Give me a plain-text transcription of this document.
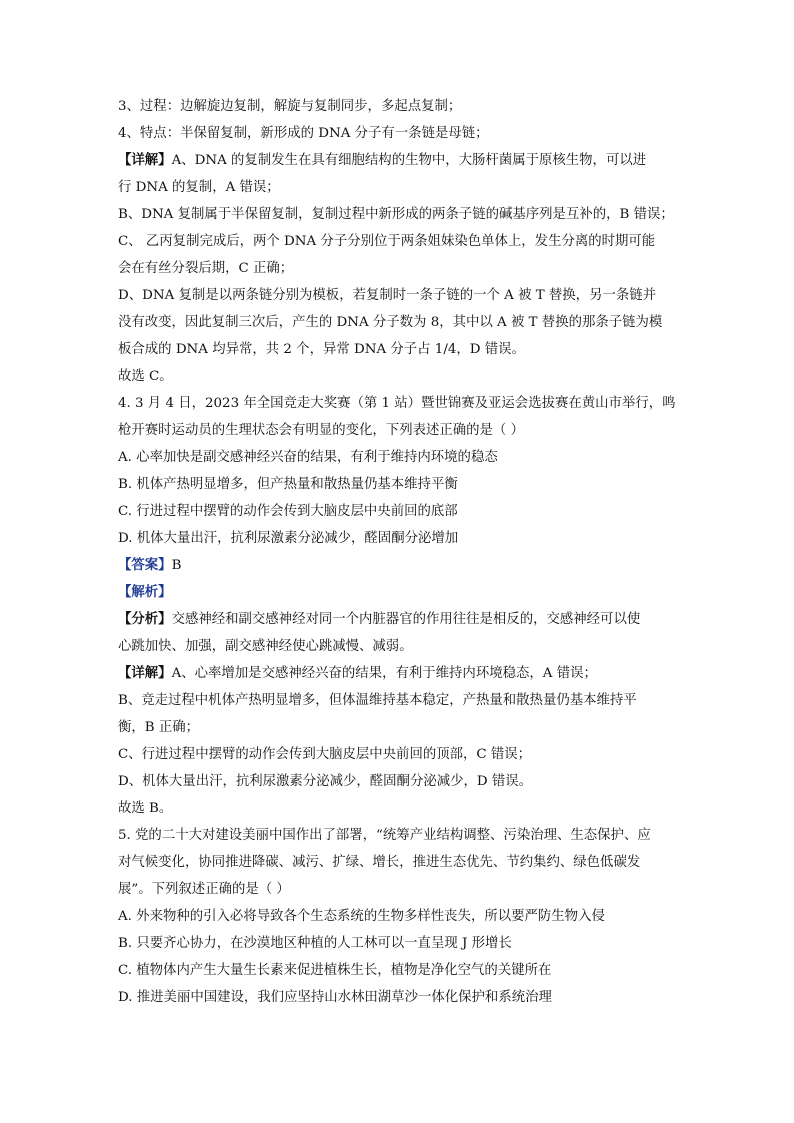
3、过程：边解旋边复制，解旋与复制同步，多起点复制；
4、特点：半保留复制，新形成的 DNA 分子有一条链是母链；
【详解】A、DNA 的复制发生在具有细胞结构的生物中，大肠杆菌属于原核生物，可以进
行 DNA 的复制，A 错误；
B、DNA 复制属于半保留复制，复制过程中新形成的两条子链的碱基序列是互补的，B 错误；
C、 乙丙复制完成后，两个 DNA 分子分别位于两条姐妹染色单体上，发生分离的时期可能
会在有丝分裂后期，C 正确；
D、DNA 复制是以两条链分别为模板，若复制时一条子链的一个 A 被 T 替换，另一条链并
没有改变，因此复制三次后，产生的 DNA 分子数为 8，其中以 A 被 T 替换的那条子链为模
板合成的 DNA 均异常，共 2 个，异常 DNA 分子占 1/4，D 错误。
故选 C。
4. 3 月 4 日，2023 年全国竞走大奖赛（第 1 站）暨世锦赛及亚运会选拔赛在黄山市举行，鸣
枪开赛时运动员的生理状态会有明显的变化，下列表述正确的是（ ）
A. 心率加快是副交感神经兴奋的结果，有利于维持内环境的稳态
B. 机体产热明显增多，但产热量和散热量仍基本维持平衡
C. 行进过程中摆臂的动作会传到大脑皮层中央前回的底部
D. 机体大量出汗，抗利尿激素分泌减少，醛固酮分泌增加
【答案】B
【解析】
【分析】交感神经和副交感神经对同一个内脏器官的作用往往是相反的，交感神经可以使
心跳加快、加强，副交感神经使心跳减慢、减弱。
【详解】A、心率增加是交感神经兴奋的结果，有利于维持内环境稳态，A 错误；
B、竞走过程中机体产热明显增多，但体温维持基本稳定，产热量和散热量仍基本维持平
衡，B 正确；
C、行进过程中摆臂的动作会传到大脑皮层中央前回的顶部，C 错误；
D、机体大量出汗，抗利尿激素分泌减少，醛固酮分泌减少，D 错误。
故选 B。
5. 党的二十大对建设美丽中国作出了部署，“统筹产业结构调整、污染治理、生态保护、应
对气候变化，协同推进降碳、减污、扩绿、增长，推进生态优先、节约集约、绿色低碳发
展”。下列叙述正确的是（ ）
A. 外来物种的引入必将导致各个生态系统的生物多样性丧失，所以要严防生物入侵
B. 只要齐心协力，在沙漠地区种植的人工林可以一直呈现 J 形增长
C. 植物体内产生大量生长素来促进植株生长，植物是净化空气的关键所在
D. 推进美丽中国建设，我们应坚持山水林田湖草沙一体化保护和系统治理
